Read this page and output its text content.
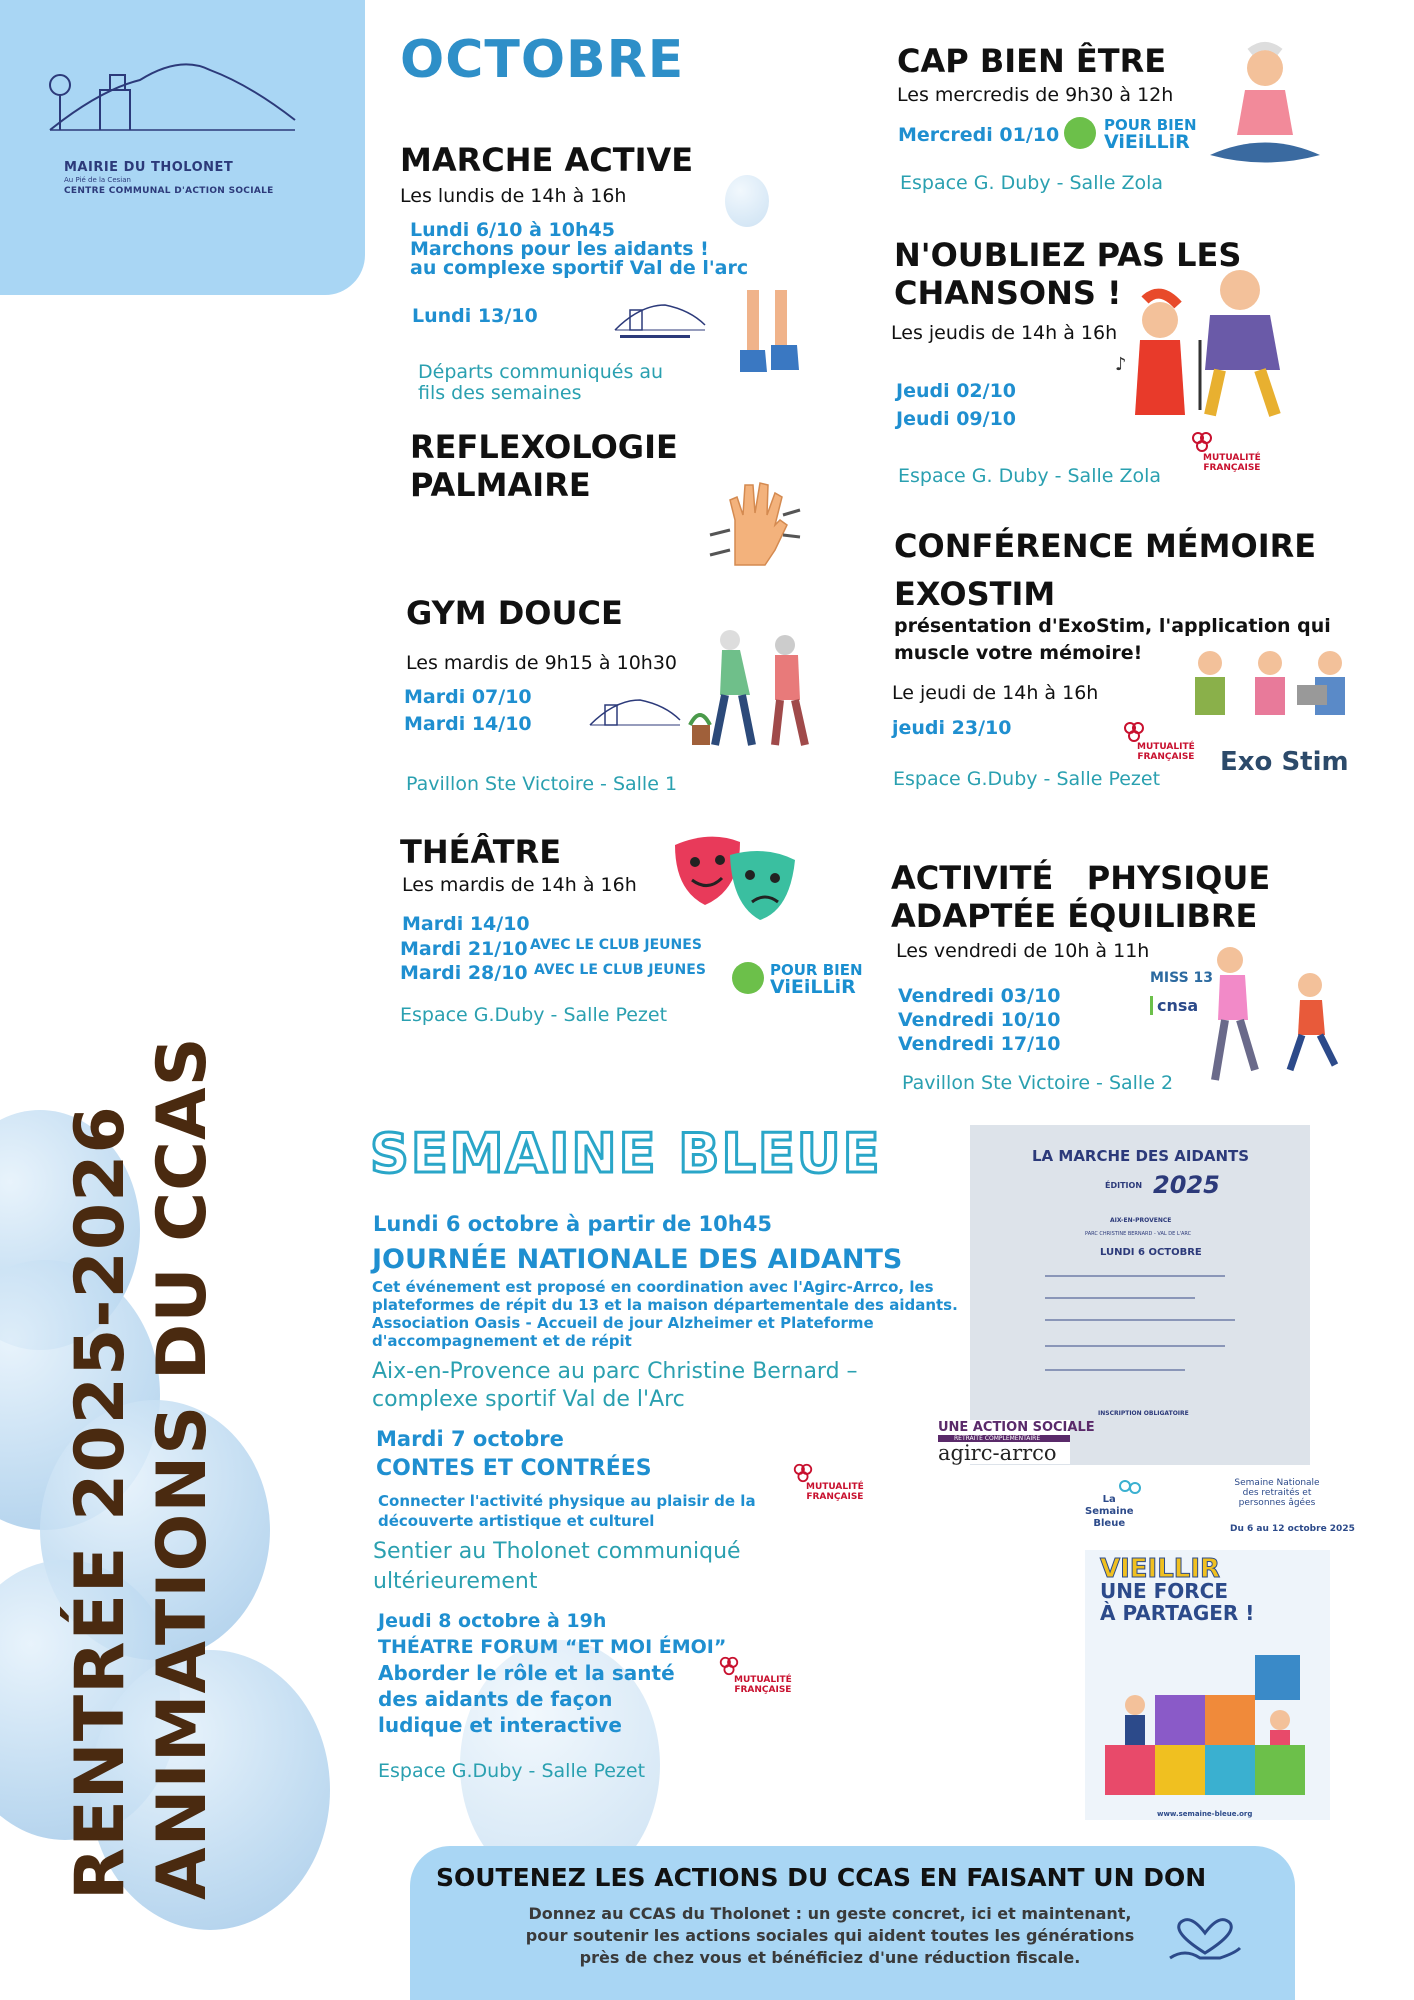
MAIRIE DU THOLONET
Au Pié de la Cesian
CENTRE COMMUNAL D'ACTION SOCIALE
RENTRÉE 2025-2026 ANIMATIONS DU CCAS
OCTOBRE
MARCHE ACTIVE
Les lundis de 14h à 16h
Lundi 6/10 à 10h45
Marchons pour les aidants !
au complexe sportif Val de l'arc
Lundi 13/10
Départs communiqués au
fils des semaines
REFLEXOLOGIE
PALMAIRE
GYM DOUCE
Les mardis de 9h15 à 10h30
Mardi 07/10
Mardi 14/10
Pavillon Ste Victoire - Salle 1
THÉÂTRE
Les mardis de 14h à 16h
Mardi 14/10
Mardi 21/10 AVEC LE CLUB JEUNES
Mardi 28/10 AVEC LE CLUB JEUNES
Espace G.Duby - Salle Pezet
POUR BIEN
ViEiLLiR
CAP BIEN ÊTRE
Les mercredis de 9h30 à 12h
Mercredi 01/10	POUR BIEN
ViEiLLiR
Espace G. Duby - Salle Zola
N'OUBLIEZ PAS LES
CHANSONS !
Les jeudis de 14h à 16h
Jeudi 02/10
Jeudi 09/10
Espace G. Duby - Salle Zola
♪
MUTUALITÉ
FRANÇAISE
CONFÉRENCE MÉMOIRE
EXOSTIM
présentation d'ExoStim, l'application qui
muscle votre mémoire!
Le jeudi de 14h à 16h
jeudi 23/10
Espace G.Duby - Salle Pezet
MUTUALITÉ
FRANÇAISE Exo Stim
ACTIVITÉ   PHYSIQUE
ADAPTÉE ÉQUILIBRE
Les vendredi de 10h à 11h
Vendredi 03/10
Vendredi 10/10
Vendredi 17/10
Pavillon Ste Victoire - Salle 2
MISS 13
cnsa
SEMAINE BLEUE
Lundi 6 octobre à partir de 10h45
JOURNÉE NATIONALE DES AIDANTS
Cet événement est proposé en coordination avec l'Agirc-Arrco, les
plateformes de répit du 13 et la maison départementale des aidants.
Association Oasis - Accueil de jour Alzheimer et Plateforme
d'accompagnement et de répit
Aix-en-Provence au parc Christine Bernard –
complexe sportif Val de l'Arc
Mardi 7 octobre
CONTES ET CONTRÉES
Connecter l'activité physique au plaisir de la
découverte artistique et culturel
Sentier au Tholonet communiqué
ultérieurement
Jeudi 8 octobre à 19h
THÉATRE FORUM “ET MOI ÉMOI”
Aborder le rôle et la santé
des aidants de façon
ludique et interactive
Espace G.Duby - Salle Pezet
MUTUALITÉ
FRANÇAISE
MUTUALITÉ
FRANÇAISE
LA MARCHE DES AIDANTS
ÉDITION 2025
AIX-EN-PROVENCE
PARC CHRISTINE BERNARD - VAL DE L'ARC
LUNDI 6 OCTOBRE
INSCRIPTION OBLIGATOIRE
UNE ACTION SOCIALE
RETRAITE COMPLÉMENTAIRE
agirc-arrco
La
Semaine
Bleue
Semaine Nationale
des retraités et
personnes âgées
Du 6 au 12 octobre 2025
VIEILLIR
UNE FORCE
À PARTAGER !
www.semaine-bleue.org
SOUTENEZ LES ACTIONS DU CCAS EN FAISANT UN DON
Donnez au CCAS du Tholonet : un geste concret, ici et maintenant,
pour soutenir les actions sociales qui aident toutes les générations
près de chez vous et bénéficiez d'une réduction fiscale.
